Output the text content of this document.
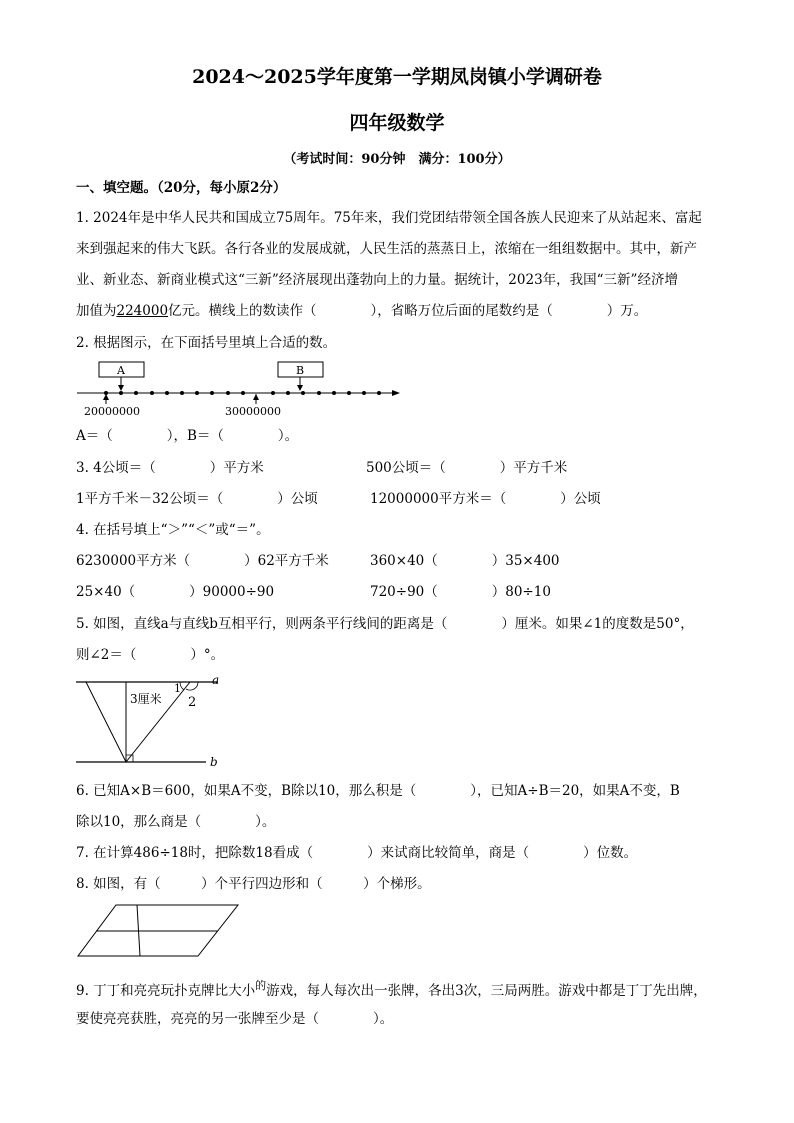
2024～2025学年度第一学期凤岗镇小学调研卷
四年级数学
（考试时间：90分钟　满分：100分）
一、填空题。（20分，每小原2分）
1. 2024年是中华人民共和国成立75周年。75年来，我们党团结带领全国各族人民迎来了从站起来、富起
来到强起来的伟大飞跃。各行各业的发展成就，人民生活的蒸蒸日上，浓缩在一组组数据中。其中，新产
业、新业态、新商业模式这“三新”经济展现出蓬勃向上的力量。据统计，2023年，我国“三新”经济增
加值为224000亿元。横线上的数读作（　　　　），省略万位后面的尾数约是（　　　　）万。
2. 根据图示，在下面括号里填上合适的数。
A	B
20000000	30000000
A＝（　　　　），B＝（　　　　）。
3. 4公顷＝（　　　　）平方米	500公顷＝（　　　　）平方千米
1平方千米－32公顷＝（　　　　）公顷	12000000平方米＝（　　　　）公顷
4. 在括号填上“＞”“＜”或“＝”。
6230000平方米（　　　　）62平方千米	360×40（　　　　）35×400
25×40（　　　　）90000÷90	720÷90（　　　　）80÷10
5. 如图，直线a与直线b互相平行，则两条平行线间的距离是（　　　　）厘米。如果∠1的度数是50°，
则∠2＝（　　　　）°。
3厘米
1
2
a
b
6. 已知A×B＝600，如果A不变，B除以10，那么积是（　　　　），已知A÷B＝20，如果A不变，B
除以10，那么商是（　　　　）。
7. 在计算486÷18时，把除数18看成（　　　　）来试商比较简单，商是（　　　　）位数。
8. 如图，有（　　　）个平行四边形和（　　　）个梯形。
9. 丁丁和亮亮玩扑克牌比大小$^的$游戏，每人每次出一张牌，各出3次，三局两胜。游戏中都是丁丁先出牌，
要使亮亮获胜，亮亮的另一张牌至少是（　　　　）。
